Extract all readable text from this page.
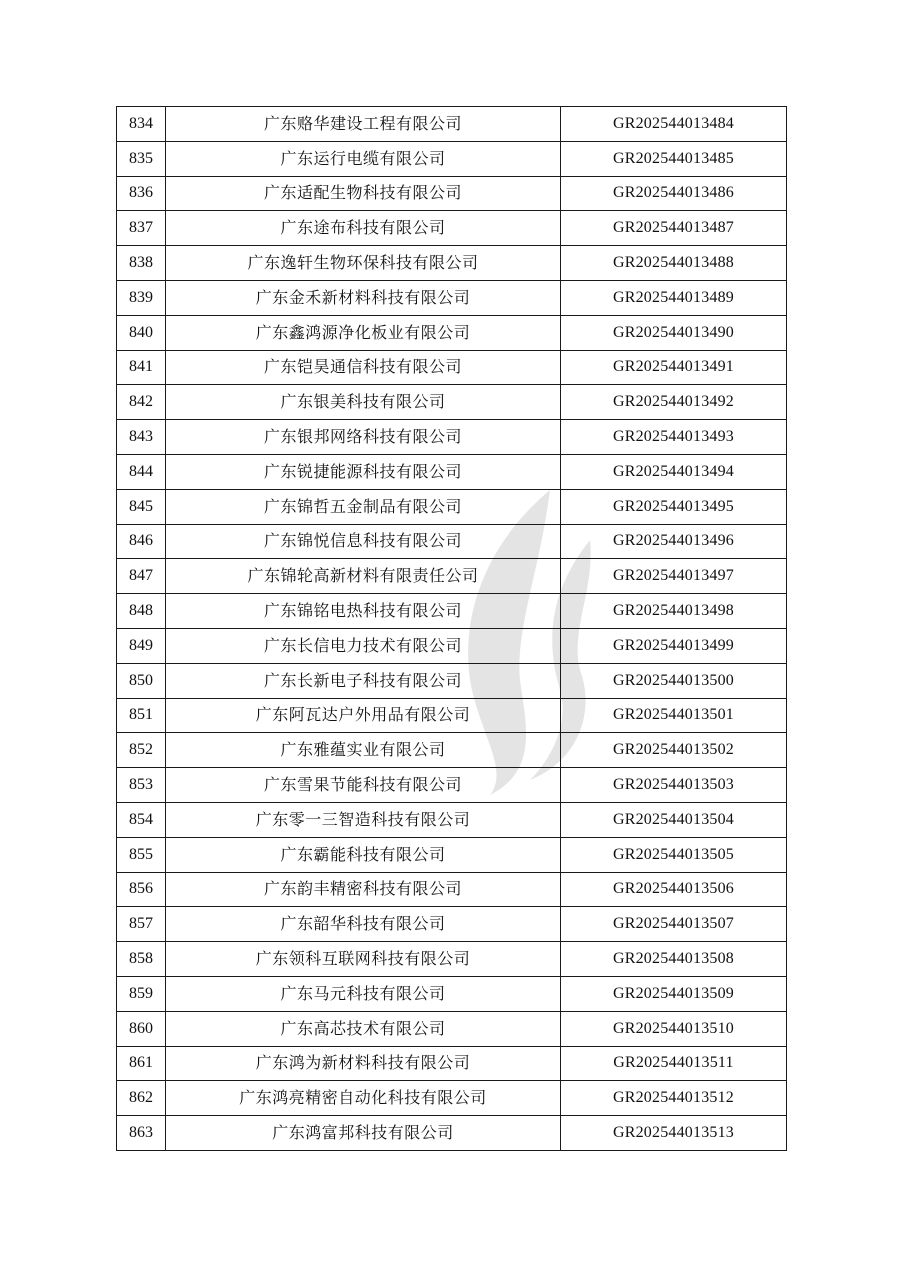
834	广东赂华建设工程有限公司	GR202544013484
835	广东运行电缆有限公司	GR202544013485
836	广东适配生物科技有限公司	GR202544013486
837	广东途布科技有限公司	GR202544013487
838	广东逸轩生物环保科技有限公司	GR202544013488
839	广东金禾新材料科技有限公司	GR202544013489
840	广东鑫鸿源净化板业有限公司	GR202544013490
841	广东铠昊通信科技有限公司	GR202544013491
842	广东银美科技有限公司	GR202544013492
843	广东银邦网络科技有限公司	GR202544013493
844	广东锐捷能源科技有限公司	GR202544013494
845	广东锦哲五金制品有限公司	GR202544013495
846	广东锦悦信息科技有限公司	GR202544013496
847	广东锦轮高新材料有限责任公司	GR202544013497
848	广东锦铭电热科技有限公司	GR202544013498
849	广东长信电力技术有限公司	GR202544013499
850	广东长新电子科技有限公司	GR202544013500
851	广东阿瓦达户外用品有限公司	GR202544013501
852	广东雅蕴实业有限公司	GR202544013502
853	广东雪果节能科技有限公司	GR202544013503
854	广东零一三智造科技有限公司	GR202544013504
855	广东霸能科技有限公司	GR202544013505
856	广东韵丰精密科技有限公司	GR202544013506
857	广东韶华科技有限公司	GR202544013507
858	广东领科互联网科技有限公司	GR202544013508
859	广东马元科技有限公司	GR202544013509
860	广东高芯技术有限公司	GR202544013510
861	广东鸿为新材料科技有限公司	GR202544013511
862	广东鸿亮精密自动化科技有限公司	GR202544013512
863	广东鸿富邦科技有限公司	GR202544013513
